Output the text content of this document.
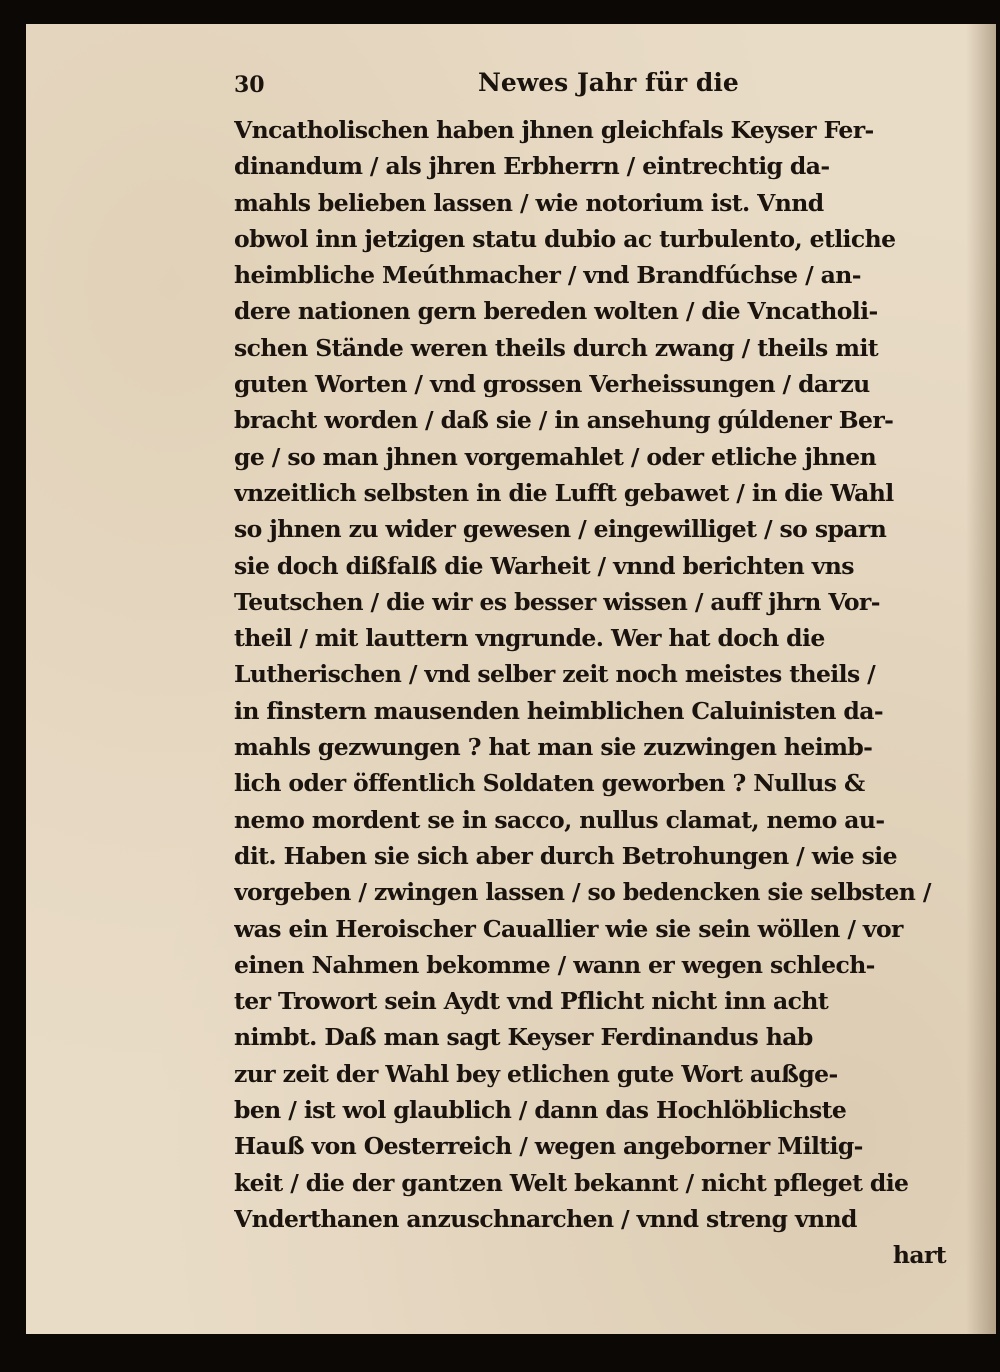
30	Newes Jahr für die
Vncatholischen haben jhnen gleichfals Keyser Fer-
dinandum / als jhren Erbherrn / eintrechtig da-
mahls belieben lassen / wie notorium ist. Vnnd
obwol inn jetzigen statu dubio ac turbulento, etliche
heimbliche Meúthmacher / vnd Brandfúchse / an-
dere nationen gern bereden wolten / die Vncatholi-
schen Stände weren theils durch zwang / theils mit
guten Worten / vnd grossen Verheissungen / darzu
bracht worden / daß sie / in ansehung gúldener Ber-
ge / so man jhnen vorgemahlet / oder etliche jhnen
vnzeitlich selbsten in die Lufft gebawet / in die Wahl
so jhnen zu wider gewesen / eingewilliget / so sparn
sie doch dißfalß die Warheit / vnnd berichten vns
Teutschen / die wir es besser wissen / auff jhrn Vor-
theil / mit lauttern vngrunde. Wer hat doch die
Lutherischen / vnd selber zeit noch meistes theils /
in finstern mausenden heimblichen Caluinisten da-
mahls gezwungen ? hat man sie zuzwingen heimb-
lich oder öffentlich Soldaten geworben ? Nullus &
nemo mordent se in sacco, nullus clamat, nemo au-
dit. Haben sie sich aber durch Betrohungen / wie sie
vorgeben / zwingen lassen / so bedencken sie selbsten /
was ein Heroischer Cauallier wie sie sein wöllen / vor
einen Nahmen bekomme / wann er wegen schlech-
ter Trowort sein Aydt vnd Pflicht nicht inn acht
nimbt. Daß man sagt Keyser Ferdinandus hab
zur zeit der Wahl bey etlichen gute Wort außge-
ben / ist wol glaublich / dann das Hochlöblichste
Hauß von Oesterreich / wegen angeborner Miltig-
keit / die der gantzen Welt bekannt / nicht pfleget die
Vnderthanen anzuschnarchen / vnnd streng vnnd
hart
